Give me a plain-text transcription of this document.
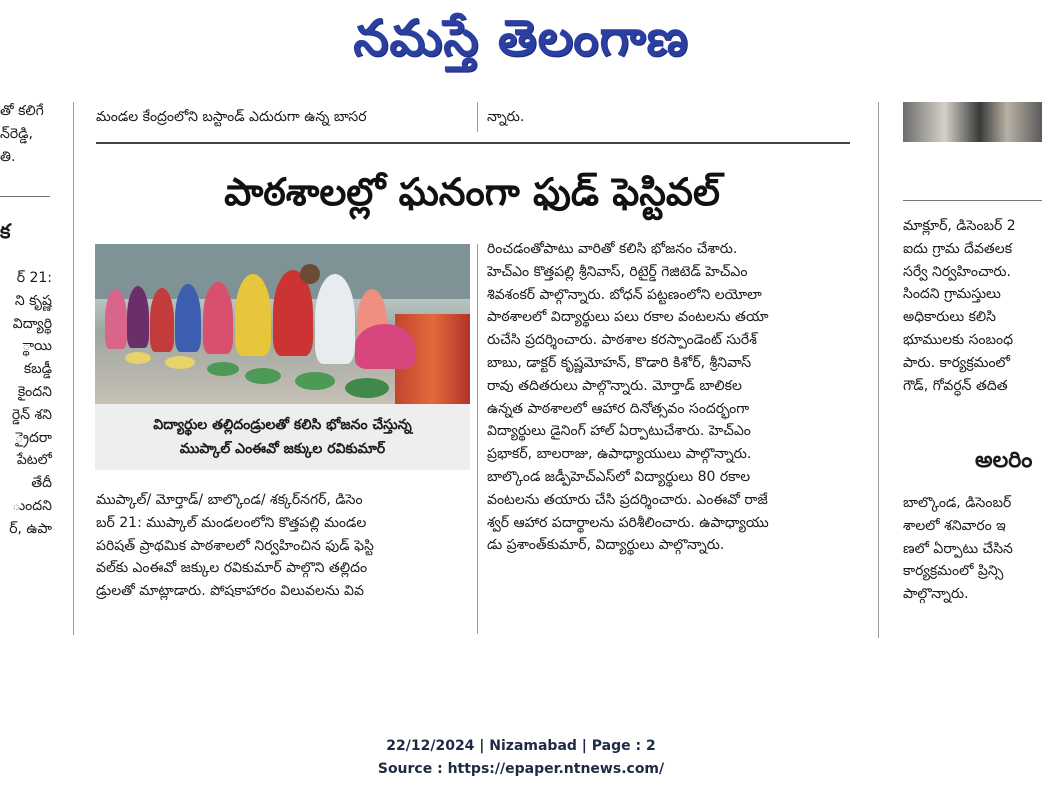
నమస్తే తెలంగాణ

తో కలిగే

న్‌రెడ్డి,

తి.

క

ర్ 21:

ని కృష్ణ

విద్యార్థి

్థాయి

కబడ్డీ

కైందని

ర్డెన్ శని

్రైదరా

పేటలో

తేదీ

ుందని

ర్, ఉపా

మండల కేంద్రంలోని బస్టాండ్ ఎదురుగా ఉన్న బాసర	న్నారు.

పాఠశాలల్లో ఘనంగా ఫుడ్ ఫెస్టివల్

విద్యార్థుల తల్లిదండ్రులతో కలిసి భోజనం చేస్తున్న

ముప్కాల్ ఎంఈవో జక్కుల రవికుమార్

ముప్కాల్/ మోర్తాడ్/ బాల్కొండ/ శక్కర్‌నగర్, డిసెం

బర్ 21: ముప్కాల్ మండలంలోని కొత్తపల్లి మండల

పరిషత్ ప్రాథమిక పాఠశాలలో నిర్వహించిన ఫుడ్ ఫెస్టి

వల్‌కు ఎంఈవో జక్కుల రవికుమార్ పాల్గొని తల్లిదం

డ్రులతో మాట్లాడారు. పోషకాహారం విలువలను వివ

రించడంతోపాటు వారితో కలిసి భోజనం చేశారు.

హెచ్ఎం కొత్తపల్లి శ్రీనివాస్, రిటైర్డ్ గెజిటెడ్ హెచ్ఎం

శివశంకర్ పాల్గొన్నారు. బోధన్ పట్టణంలోని లయోలా

పాఠశాలలో విద్యార్థులు పలు రకాల వంటలను తయా

రుచేసి ప్రదర్శించారు. పాఠశాల కరస్పాండెంట్ సురేశ్

బాబు, డాక్టర్ కృష్ణమోహన్, కొడారి కిశోర్, శ్రీనివాస్

రావు తదితరులు పాల్గొన్నారు. మోర్తాడ్ బాలికల

ఉన్నత పాఠశాలలో ఆహార దినోత్సవం సందర్భంగా

విద్యార్థులు డైనింగ్ హాల్ ఏర్పాటుచేశారు. హెచ్ఎం

ప్రభాకర్, బాలరాజు, ఉపాధ్యాయులు పాల్గొన్నారు.

బాల్కొండ జడ్పీహెచ్ఎస్‌లో విద్యార్థులు 80 రకాల

వంటలను తయారు చేసి ప్రదర్శించారు. ఎంఈవో రాజే

శ్వర్ ఆహార పదార్థాలను పరిశీలించారు. ఉపాధ్యాయు

డు ప్రశాంత్‌కుమార్, విద్యార్థులు పాల్గొన్నారు.

మాక్లూర్, డిసెంబర్ 2

ఐదు గ్రామ దేవతలక

సర్వే నిర్వహించారు.

సిందని గ్రామస్తులు

అధికారులు కలిసి

భూములకు సంబంధ

పారు. కార్యక్రమంలో

గౌడ్, గోవర్ధన్ తదిత

అలరిం

బాల్కొండ, డిసెంబర్

శాలలో శనివారం ఇ

ణలో ఏర్పాటు చేసిన

కార్యక్రమంలో ప్రిన్సి

పాల్గొన్నారు.

22/12/2024 | Nizamabad | Page : 2
Source : https://epaper.ntnews.com/
